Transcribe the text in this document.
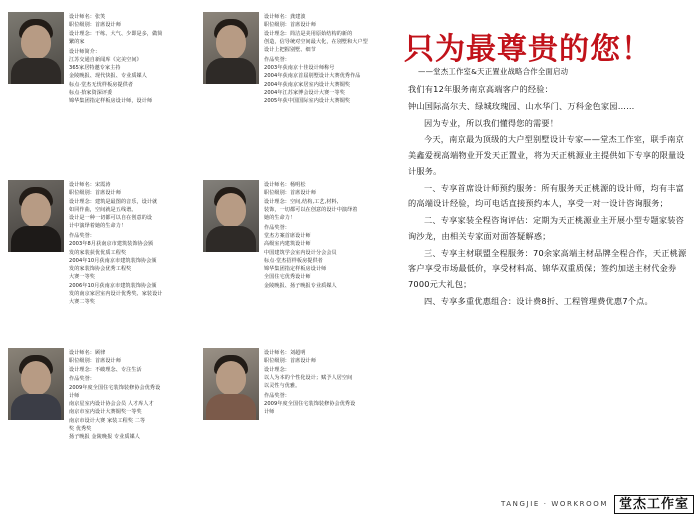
设计师名：张笑
职位级别：首席设计师
设计理念：干练、大气、少即是多，做简
繁的家
设计师简介：
江苏交通自新闻库《完美空间》
365家居特邀专家主持
金陵晚报、现代快报、专业质媒人
标点·堂杰无忧样板房提供者
标点·拾家资深评委
锦华集团指定样板房设计师，设计师
设计师名：龚建波
职位级别：首席设计师
设计理念：简洁是美用原始结构的新的
创造，信导统对空间最大化，在别墅和大户型
设计上把握别墅、细节
作品奖誉：
2003年获南京十佳设计师称号
2004年获南京首届别墅设计大赛优秀作品
2004年获南京家居室内设计大赛铜奖
2004年江苏家博会设计大赛一等奖
2005年获中国国际室内设计大赛铜奖
设计师名：宋霞涛
职位级别：首席设计师
设计理念：建筑是最图的音乐，设计就
如同作曲，空间就是五线谱。
设计是一种一切都可以自在创意的设
计中演绎着她的生命力！
作品奖誉：
2003年8月获南京市建筑装饰协会颁
发的家装获优优质工程奖
2004年10月获南京市建筑装饰协会颁
发的家装饰协会优秀工程奖
大赛一等奖
2006年10月获南京市建筑装饰协会颁
发的南京家居室内设计优秀奖、家装设计
大赛二等奖
设计师名：杨明松
职位级别：首席设计师
设计理念：空间,结构,工艺,材料,
装饰，一切都可以在创意的设计中演绎着
她的生命力！
作品奖誉：
堂杰方案首席设计师
高级室内建筑设计师
中国建筑学会室内设计分会会员
标点·堂杰招样板房提供者
锦华集团指定样板房设计师
全国住宅优秀设计师
金陵晚报、扬子晚报专业质媒人
设计师名：顾律
职位级别：首席设计师
设计理念：不破理念、专注生活
作品奖誉：
2009年度全国住宅装饰装修协会优秀设
计师
南京星室内设计协会会员 人才库人才
南京市室内设计大赛铜奖一等奖
南京市设计大赛 家装工程奖 二等
奖 优秀奖
扬子晚报 金陵晚报 专业质媒人
设计师名：刘超明
职位级别：首席设计师
设计理念：
以人为本的个性化设计；赋予人居空间
以灵性与优雅。
作品奖誉：
2009年度全国住宅装饰装修协会优秀设
计师
只为最尊贵的您！
——堂杰工作室&天正置业战略合作全面启动

我们有12年服务南京高端客户的经验：

钟山国际高尔夫、绿城玫瑰园、山水华门、万科金色家园……

因为专业，所以我们懂得您的需要！

今天，南京最为顶级的大户型别墅设计专家——堂杰工作室，联手南京美鑫爱视高端物业开发天正置业，将为天正桃源业主提供如下专享的限量设计服务。

一、专享首席设计师预约服务：所有服务天正桃源的设计师，均有丰富的高端设计经验，均可电话直接预约本人，享受一对一设计咨询服务；

二、专享家装全程咨询评估：定期为天正桃源业主开展小型专题家装咨询沙龙，由相关专家面对面答疑解惑；

三、专享主材联盟全程服务：70余家高端主材品牌全程合作，天正桃源客户享受市场最低价，享受材料高、锦华双重质保；签约加送主材代金券7000元大礼包；

四、专享多重优惠组合：设计费8折、工程管理费优惠7个点。

TANGJIE · WORKROOM 堂杰工作室
